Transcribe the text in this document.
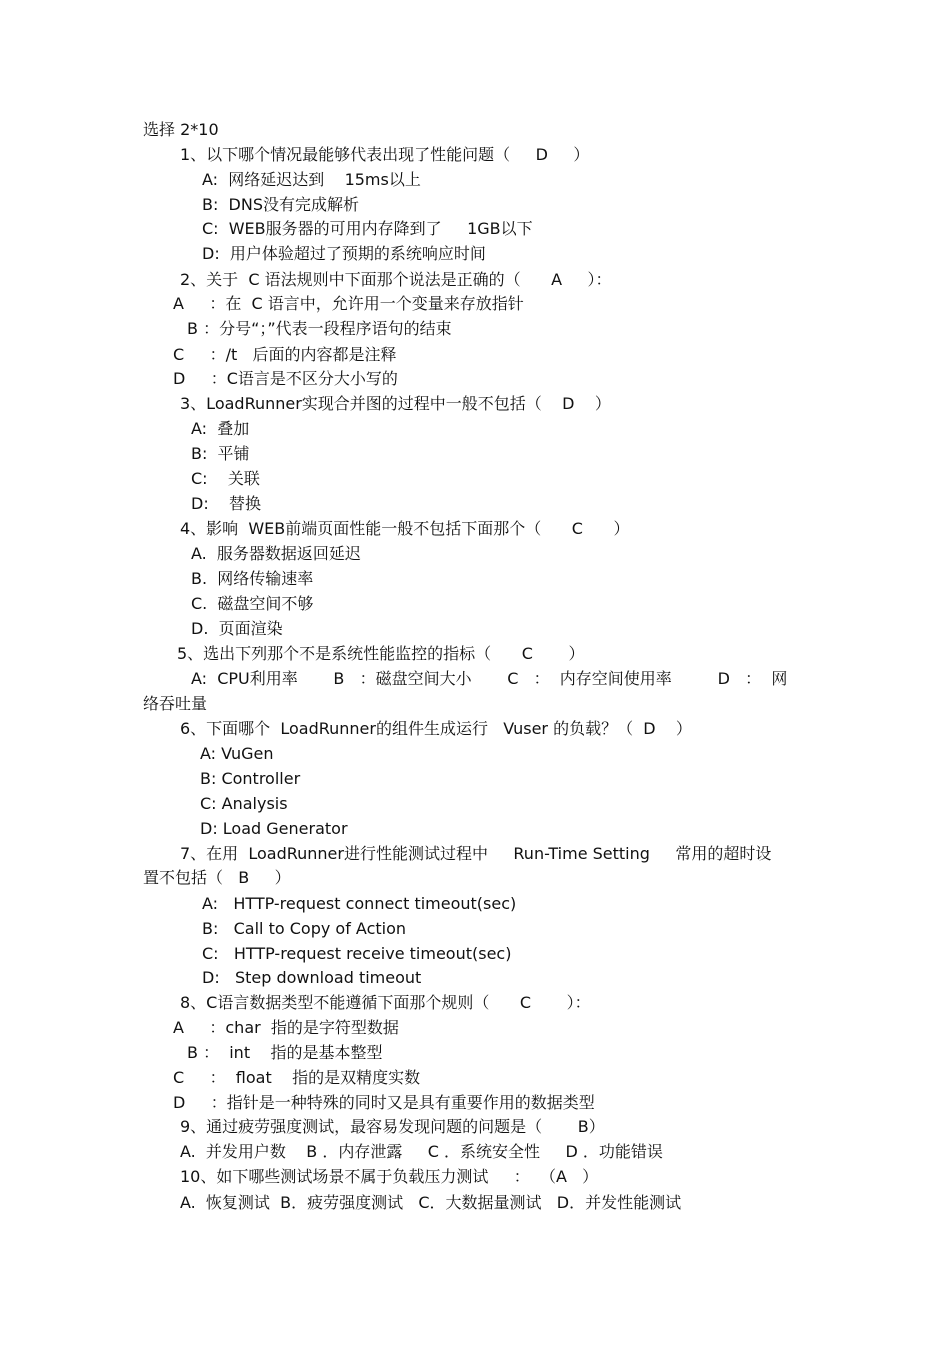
选择 2*10
1、以下哪个情况最能够代表出现了性能问题（     D     ）
A:  网络延迟达到    15ms以上
B:  DNS没有完成解析
C:  WEB服务器的可用内存降到了     1GB以下
D:  用户体验超过了预期的系统响应时间
2、关于  C 语法规则中下面那个说法是正确的（      A     ）：
A     ：在  C 语言中，允许用一个变量来存放指针
B ：分号“；”代表一段程序语句的结束
C     ：/t   后面的内容都是注释
D     ：C语言是不区分大小写的
3、LoadRunner实现合并图的过程中一般不包括（    D    ）
A:  叠加
B:  平铺
C:    关联
D:    替换
4、影响  WEB前端页面性能一般不包括下面那个（      C      ）
A.  服务器数据返回延迟
B.  网络传输速率
C.  磁盘空间不够
D.  页面渲染
5、选出下列那个不是系统性能监控的指标（      C       ）
A:  CPU利用率       B   ：磁盘空间大小       C   ：  内存空间使用率         D   ：  网
络吞吐量
6、下面哪个  LoadRunner的组件生成运行   Vuser 的负载？（  D    ）
A: VuGen
B: Controller
C: Analysis
D: Load Generator
7、在用  LoadRunner进行性能测试过程中     Run-Time Setting     常用的超时设
置不包括（   B     ）
A:   HTTP-request connect timeout(sec)
B:   Call to Copy of Action
C:   HTTP-request receive timeout(sec)
D:   Step download timeout
8、C语言数据类型不能遵循下面那个规则（      C       ）：
A     ：char  指的是字符型数据
B ：  int    指的是基本整型
C     ：  float    指的是双精度实数
D     ：指针是一种特殊的同时又是具有重要作用的数据类型
9、通过疲劳强度测试，最容易发现问题的问题是（       B）
A.  并发用户数    B ．内存泄露     C ．系统安全性     D ．功能错误
10、如下哪些测试场景不属于负载压力测试     ：  （A   ）
A.  恢复测试  B．疲劳强度测试   C．大数据量测试   D．并发性能测试
